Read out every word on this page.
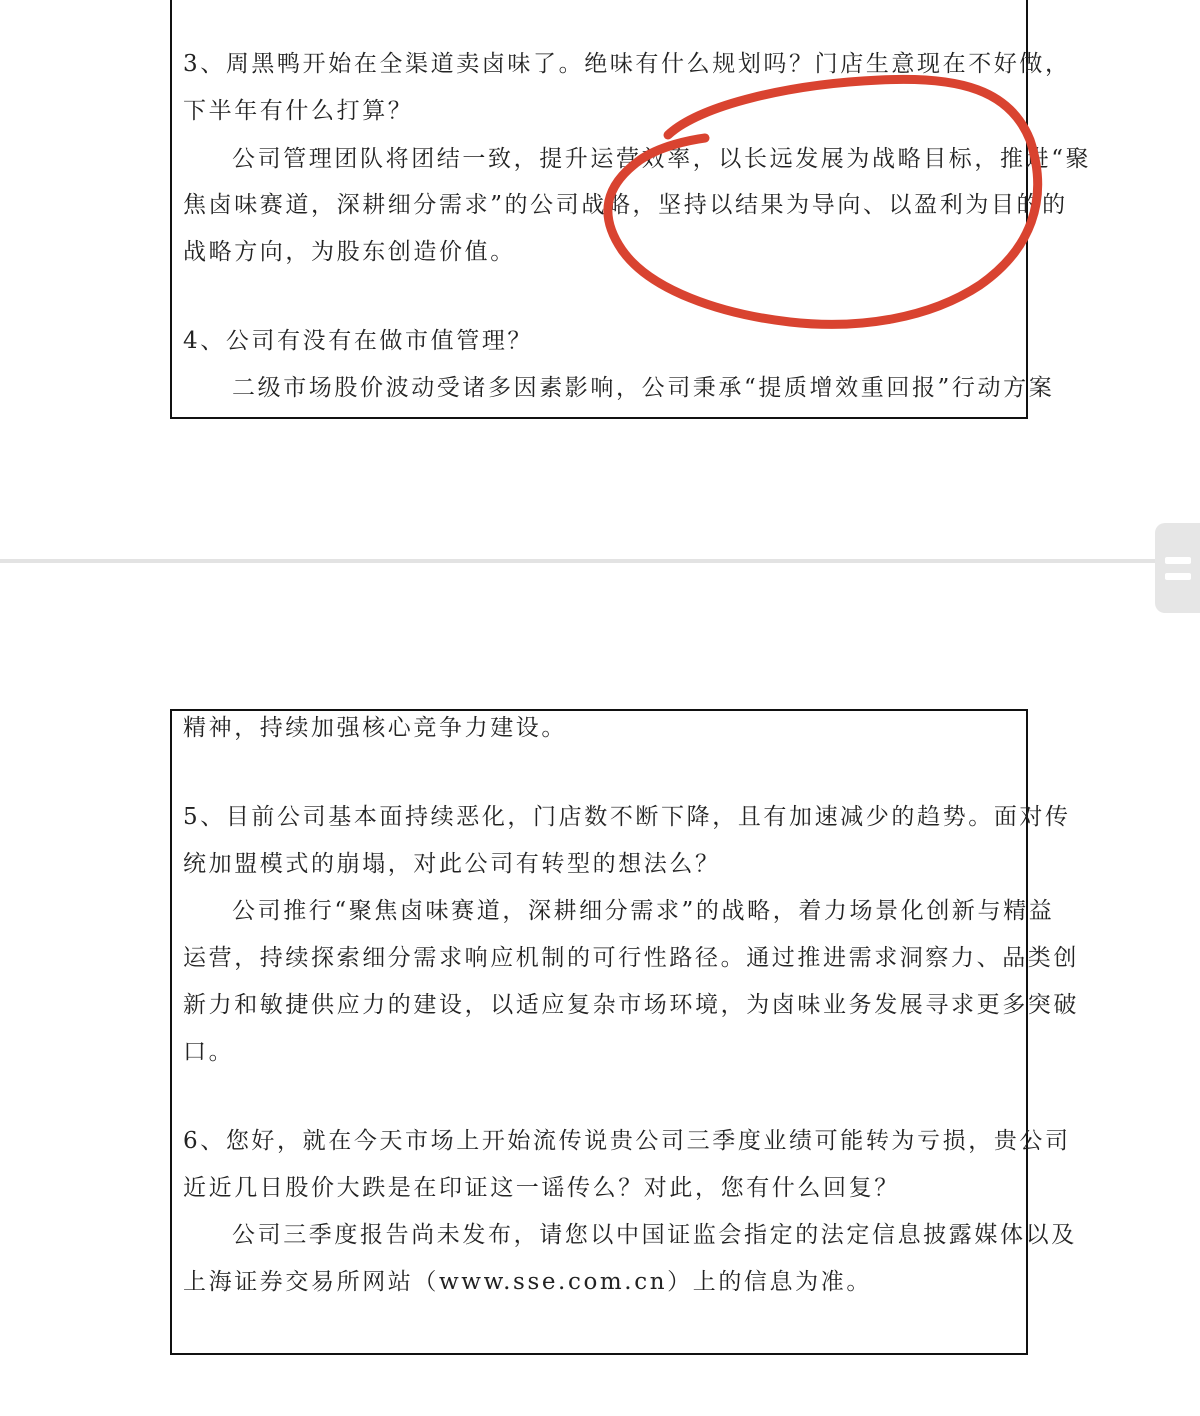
3、周黑鸭开始在全渠道卖卤味了。绝味有什么规划吗？门店生意现在不好做，
下半年有什么打算？
公司管理团队将团结一致，提升运营效率，以长远发展为战略目标，推进“聚
焦卤味赛道，深耕细分需求”的公司战略，坚持以结果为导向、以盈利为目的的
战略方向，为股东创造价值。
4、公司有没有在做市值管理？
二级市场股价波动受诸多因素影响，公司秉承“提质增效重回报”行动方案
精神，持续加强核心竞争力建设。
5、目前公司基本面持续恶化，门店数不断下降，且有加速减少的趋势。面对传
统加盟模式的崩塌，对此公司有转型的想法么？
公司推行“聚焦卤味赛道，深耕细分需求”的战略，着力场景化创新与精益
运营，持续探索细分需求响应机制的可行性路径。通过推进需求洞察力、品类创
新力和敏捷供应力的建设，以适应复杂市场环境，为卤味业务发展寻求更多突破
口。
6、您好，就在今天市场上开始流传说贵公司三季度业绩可能转为亏损，贵公司
近近几日股价大跌是在印证这一谣传么？对此，您有什么回复？
公司三季度报告尚未发布，请您以中国证监会指定的法定信息披露媒体以及
上海证券交易所网站（www.sse.com.cn）上的信息为准。
